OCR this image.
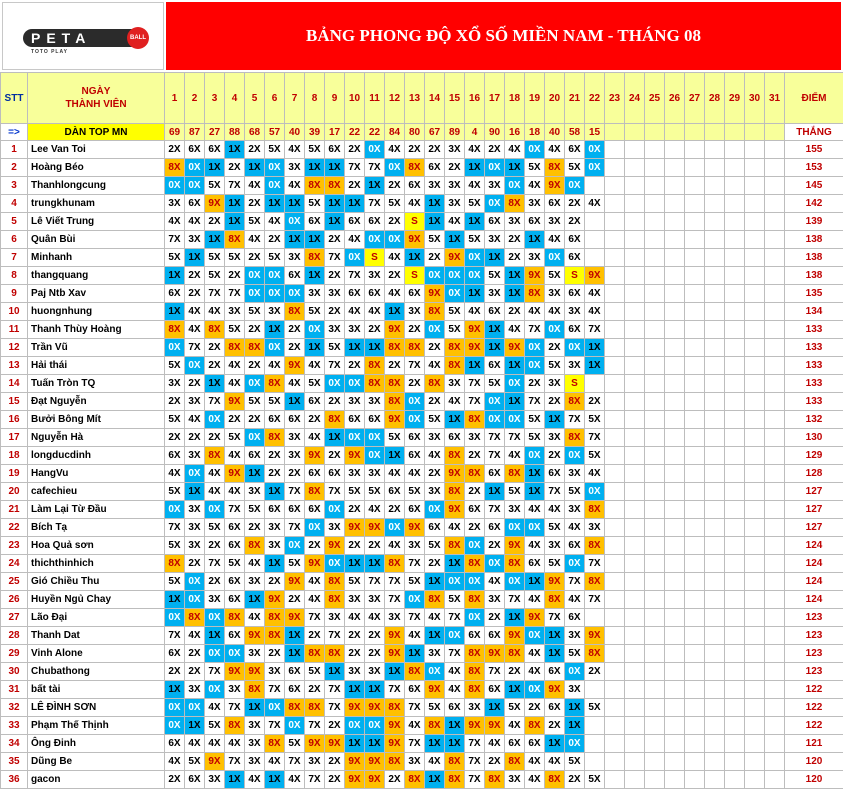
PETA	BALL
TOTO PLAY
BẢNG PHONG ĐỘ XỔ SỐ MIỀN NAM - THÁNG 08
STT	NGÀY
THÀNH VIÊN	1	2	3	4	5	6	7	8	9	10	11	12	13	14	15	16	17	18	19	20	21	22	23	24	25	26	27	28	29	30	31	ĐIỂM
=>	DÀN TOP MN	69	87	27	88	68	57	40	39	17	22	22	84	80	67	89	4	90	16	18	40	58	15										THẮNG
1	Lee Van Toi	2X	6X	6X	1X	2X	5X	4X	5X	6X	2X	0X	4X	2X	2X	3X	4X	2X	4X	0X	4X	6X	0X										155
2	Hoàng Béo	8X	0X	1X	2X	1X	0X	3X	1X	1X	7X	7X	0X	8X	6X	2X	1X	0X	1X	5X	8X	5X	0X										153
3	Thanhlongcung	0X	0X	5X	7X	4X	0X	4X	8X	8X	2X	1X	2X	6X	3X	3X	4X	3X	0X	4X	9X	0X											145
4	trungkhunam	3X	6X	9X	1X	2X	1X	1X	5X	1X	1X	7X	5X	4X	1X	3X	5X	0X	8X	3X	6X	2X	4X										142
5	Lê Viết Trung	4X	4X	2X	1X	5X	4X	0X	6X	1X	6X	6X	2X	S	1X	4X	1X	6X	3X	6X	3X	2X											139
6	Quân Bùi	7X	3X	1X	8X	4X	2X	1X	1X	2X	4X	0X	0X	9X	5X	1X	5X	3X	2X	1X	4X	6X											138
7	Minhanh	5X	1X	5X	5X	2X	5X	3X	8X	7X	0X	S	4X	1X	2X	9X	0X	1X	2X	3X	0X	6X											138
8	thangquang	1X	2X	5X	2X	0X	0X	6X	1X	2X	7X	3X	2X	S	0X	0X	0X	5X	1X	9X	5X	S	9X										138
9	Paj Ntb Xav	6X	2X	7X	7X	0X	0X	0X	3X	3X	6X	6X	4X	6X	9X	0X	1X	3X	1X	8X	3X	6X	4X										135
10	huongnhung	1X	4X	4X	3X	5X	3X	8X	5X	2X	4X	4X	1X	3X	8X	5X	4X	6X	2X	4X	4X	3X	4X										134
11	Thanh Thùy Hoàng	8X	4X	8X	5X	2X	1X	2X	0X	3X	3X	2X	9X	2X	0X	5X	9X	1X	4X	7X	0X	6X	7X										133
12	Trần Vũ	0X	7X	2X	8X	8X	0X	2X	1X	5X	1X	1X	8X	8X	2X	8X	9X	1X	9X	0X	2X	0X	1X										133
13	Hải thái	5X	0X	2X	4X	2X	4X	9X	4X	7X	2X	8X	2X	7X	4X	8X	1X	6X	1X	0X	5X	3X	1X										133
14	Tuấn Tròn TQ	3X	2X	1X	4X	0X	8X	4X	5X	0X	0X	8X	8X	2X	8X	3X	7X	5X	0X	2X	3X	S											133
15	Đạt Nguyễn	2X	3X	7X	9X	5X	5X	1X	6X	2X	3X	3X	8X	0X	2X	4X	7X	0X	1X	7X	2X	8X	2X										133
16	Bưởi Bông Mít	5X	4X	0X	2X	2X	6X	6X	2X	8X	6X	6X	9X	0X	5X	1X	8X	0X	0X	5X	1X	7X	5X										132
17	Nguyễn Hà	2X	2X	2X	5X	0X	8X	3X	4X	1X	0X	0X	5X	6X	3X	6X	3X	7X	7X	5X	3X	8X	7X										130
18	longducdinh	6X	3X	8X	4X	6X	2X	3X	9X	2X	9X	0X	1X	6X	4X	8X	2X	7X	4X	0X	2X	0X	5X										129
19	HangVu	4X	0X	4X	9X	1X	2X	2X	6X	6X	3X	3X	4X	4X	2X	9X	8X	6X	8X	1X	6X	3X	4X										128
20	cafechieu	5X	1X	4X	4X	3X	1X	7X	8X	7X	5X	5X	6X	5X	3X	8X	2X	1X	5X	1X	7X	5X	0X										127
21	Làm Lại Từ Đầu	0X	3X	0X	7X	5X	6X	6X	6X	0X	2X	4X	2X	6X	0X	9X	6X	7X	3X	4X	4X	3X	8X										127
22	Bích Tạ	7X	3X	5X	6X	2X	3X	7X	0X	3X	9X	9X	0X	9X	6X	4X	2X	6X	0X	0X	5X	4X	3X										127
23	Hoa Quả sơn	5X	3X	2X	6X	8X	3X	0X	2X	9X	2X	2X	4X	3X	5X	8X	0X	2X	9X	4X	3X	6X	8X										124
24	thichthinhich	8X	2X	7X	5X	4X	1X	5X	9X	0X	1X	1X	8X	7X	2X	1X	8X	0X	8X	6X	5X	0X	7X										124
25	Gió Chiều Thu	5X	0X	2X	6X	3X	2X	9X	4X	8X	5X	7X	7X	5X	1X	0X	0X	4X	0X	1X	9X	7X	8X										124
26	Huyền Ngủ Chay	1X	0X	3X	6X	1X	9X	2X	4X	8X	3X	3X	7X	0X	8X	5X	8X	3X	7X	4X	8X	4X	7X										124
27	Lão Đại	0X	8X	0X	8X	4X	8X	9X	7X	3X	4X	4X	3X	7X	4X	7X	0X	2X	1X	9X	7X	6X											123
28	Thanh Dat	7X	4X	1X	6X	9X	8X	1X	2X	7X	2X	2X	9X	4X	1X	0X	6X	6X	9X	0X	1X	3X	9X										123
29	Vinh Alone	6X	2X	0X	0X	3X	2X	1X	8X	8X	2X	2X	9X	1X	3X	7X	8X	9X	8X	4X	1X	5X	8X										123
30	Chubathong	2X	2X	7X	9X	9X	3X	6X	5X	1X	3X	3X	1X	8X	0X	4X	8X	7X	2X	4X	6X	0X	2X										123
31	bất tài	1X	3X	0X	3X	8X	7X	6X	2X	7X	1X	1X	7X	6X	9X	4X	8X	6X	1X	0X	9X	3X											122
32	LÊ ĐÌNH SƠN	0X	0X	4X	7X	1X	0X	8X	8X	7X	9X	9X	8X	7X	5X	6X	3X	1X	5X	2X	6X	1X	5X										122
33	Phạm Thế Thịnh	0X	1X	5X	8X	3X	7X	0X	7X	2X	0X	0X	9X	4X	8X	1X	9X	9X	4X	8X	2X	1X											122
34	Ông Đinh	6X	4X	4X	4X	3X	8X	5X	9X	9X	1X	1X	9X	7X	1X	1X	7X	4X	6X	6X	1X	0X											121
35	Dũng Be	4X	5X	9X	7X	3X	4X	7X	3X	2X	9X	9X	8X	3X	4X	8X	7X	2X	8X	4X	4X	5X											120
36	gacon	2X	6X	3X	1X	4X	1X	4X	7X	2X	9X	9X	2X	8X	1X	8X	7X	8X	3X	4X	8X	2X	5X										120
